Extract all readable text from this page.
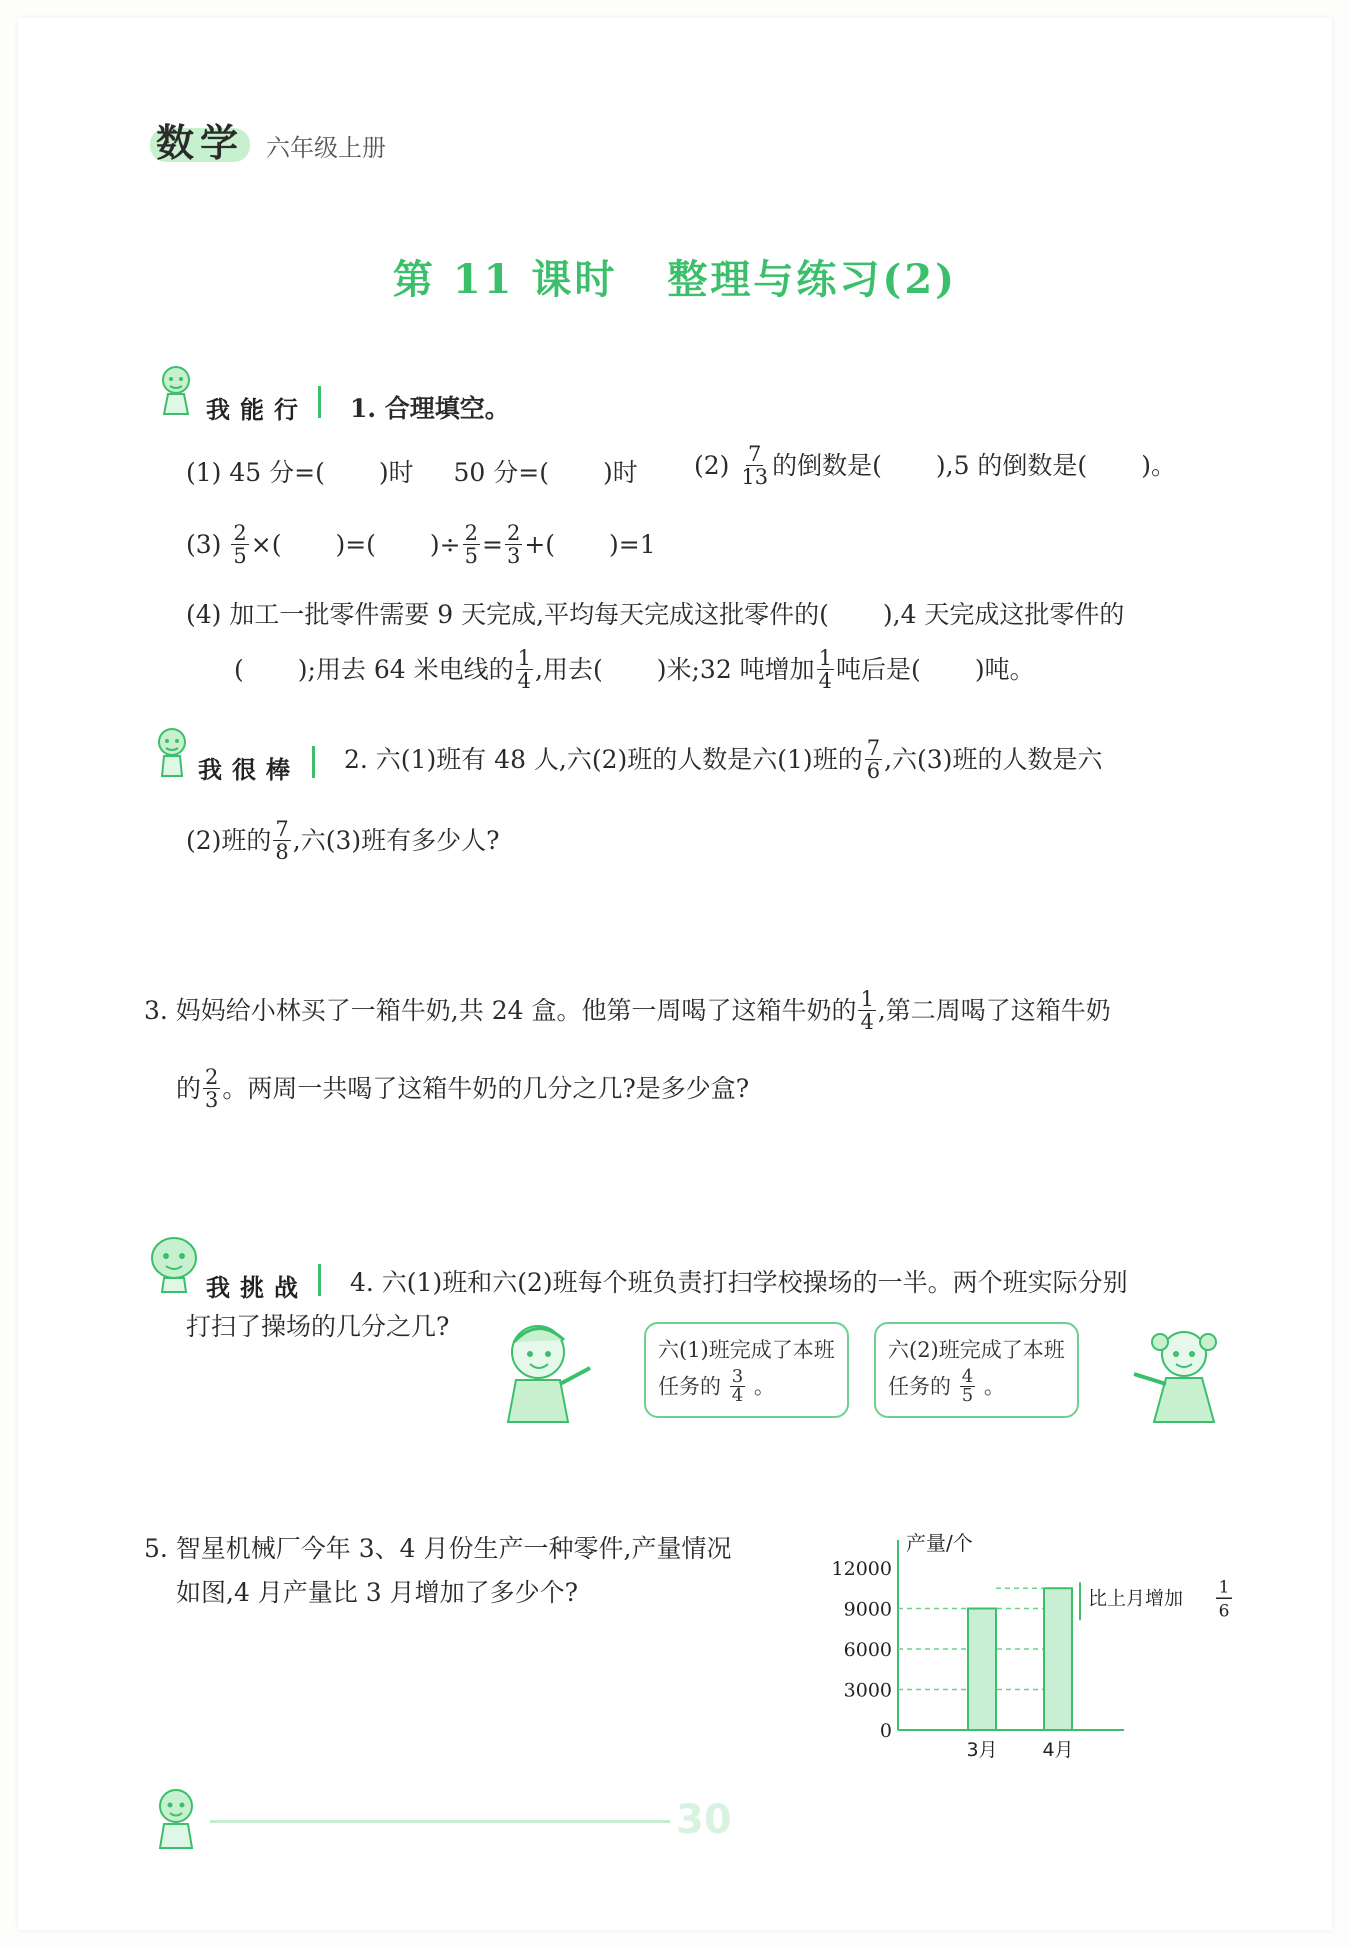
数学 六年级上册
第 11 课时 整理与练习(2)
我能行 1. 合理填空。
(1) 45 分=( )时 50 分=( )时 $(2) \frac{7}{13}$ 的倒数是( ),5 的倒数是( )。
$(3) \frac{2}{5}$ ×( )=( )÷ $\frac{2}{5} = \frac{2}{3}$ +( )=1
(4) 加工一批零件需要 9 天完成,平均每天完成这批零件的( ),4 天完成这批零件的
( );用去 64 米电线的 $\frac{1}{4}$ ,用去( )米;32 吨增加 $\frac{1}{4}$ 吨后是( )吨。
我很棒 2. 六(1)班有 48 人,六(2)班的人数是六(1)班的 $\frac{7}{6}$ ,六(3)班的人数是六
(2)班的 $\frac{7}{8}$ ,六(3)班有多少人?
3. 妈妈给小林买了一箱牛奶,共 24 盒。他第一周喝了这箱牛奶的 $\frac{1}{4}$ ,第二周喝了这箱牛奶
的 $\frac{2}{3}$ 。两周一共喝了这箱牛奶的几分之几?是多少盒?
我挑战 4. 六(1)班和六(2)班每个班负责打扫学校操场的一半。两个班实际分别
打扫了操场的几分之几?
六(1)班完成了本班
任务的 $\frac{3}{4}$ 。
六(2)班完成了本班
任务的 $\frac{4}{5}$ 。
5. 智星机械厂今年 3、4 月份生产一种零件,产量情况
如图,4 月产量比 3 月增加了多少个?
产量/个
0
3000
6000
9000
12000
3月 4月
比上月增加 1
6
30
